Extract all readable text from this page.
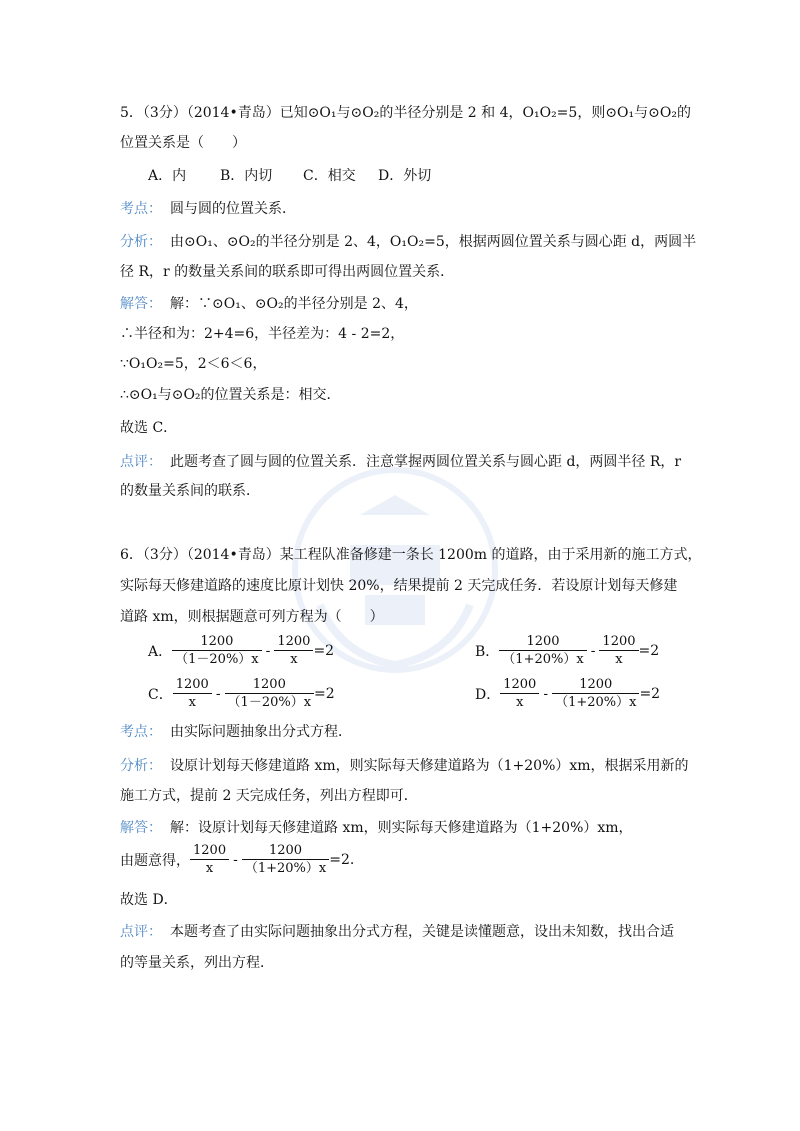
5．（3分）（2014•青岛）已知⊙O₁与⊙O₂的半径分别是 2 和 4，O₁O₂=5，则⊙O₁与⊙O₂的
位置关系是（　　）
A．内 B．内切 C．相交 D．外切
考点： 圆与圆的位置关系．
分析： 由⊙O₁、⊙O₂的半径分别是 2、4，O₁O₂=5，根据两圆位置关系与圆心距 d，两圆半
径 R，r 的数量关系间的联系即可得出两圆位置关系．
解答： 解：∵⊙O₁、⊙O₂的半径分别是 2、4，
∴半径和为：2+4=6，半径差为：4 - 2=2，
∵O₁O₂=5，2＜6＜6，
∴⊙O₁与⊙O₂的位置关系是：相交．
故选 C．
点评： 此题考查了圆与圆的位置关系．注意掌握两圆位置关系与圆心距 d，两圆半径 R，r
的数量关系间的联系．
6．（3分）（2014•青岛）某工程队准备修建一条长 1200m 的道路，由于采用新的施工方式，
实际每天修建道路的速度比原计划快 20%，结果提前 2 天完成任务．若设原计划每天修建
道路 xm，则根据题意可列方程为（　　）
A． $\frac{1200}{(1-20\%)x} - \frac{1200}{x} =2$	B． $\frac{1200}{(1+20\%)x} - \frac{1200}{x} =2$
C． $\frac{1200}{x} - \frac{1200}{(1-20\%)x} =2$	D． $\frac{1200}{x} - \frac{1200}{(1+20\%)x} =2$
考点： 由实际问题抽象出分式方程．
分析： 设原计划每天修建道路 xm，则实际每天修建道路为（1+20%）xm，根据采用新的
施工方式，提前 2 天完成任务，列出方程即可．
解答： 解：设原计划每天修建道路 xm，则实际每天修建道路为（1+20%）xm，
由题意得， $\frac{1200}{x} - \frac{1200}{(1+20\%)x} =2$.
故选 D．
点评： 本题考查了由实际问题抽象出分式方程，关键是读懂题意，设出未知数，找出合适
的等量关系，列出方程．
